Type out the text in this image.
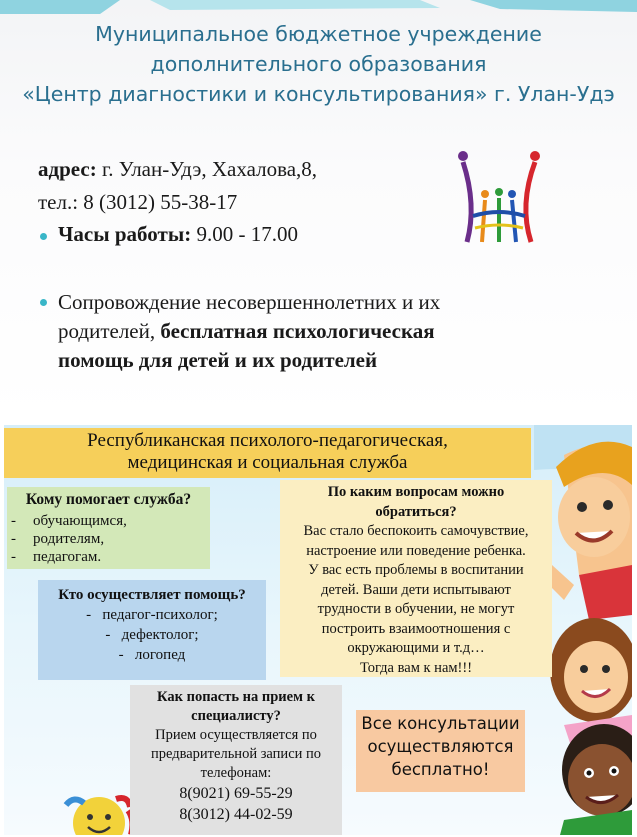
Муниципальное бюджетное учреждение
дополнительного образования
«Центр диагностики и консультирования» г. Улан-Удэ
адрес: г. Улан-Удэ, Хахалова,8,
тел.: 8 (3012) 55-38-17
Часы работы: 9.00 - 17.00
Сопровождение несовершеннолетних и их
родителей, бесплатная психологическая
помощь для детей и их родителей
Республиканская психолого-педагогическая,
медицинская и социальная служба
Кому помогает служба?
- обучающимся,
- родителям,
- педагогам.
Кто осуществляет помощь?
-   педагог-психолог;
-   дефектолог;
-   логопед
По каким вопросам можно
обратиться?
Вас стало беспокоить самочувствие,
настроение или поведение ребенка.
У вас есть проблемы в воспитании
детей. Ваши дети испытывают
трудности в обучении, не могут
построить взаимоотношения с
окружающими и т.д…
Тогда вам к нам!!!
Как попасть на прием к
специалисту?
Прием осуществляется по
предварительной записи по
телефонам:
8(9021) 69-55-29
8(3012) 44-02-59
Все консультации
осуществляются
бесплатно!
